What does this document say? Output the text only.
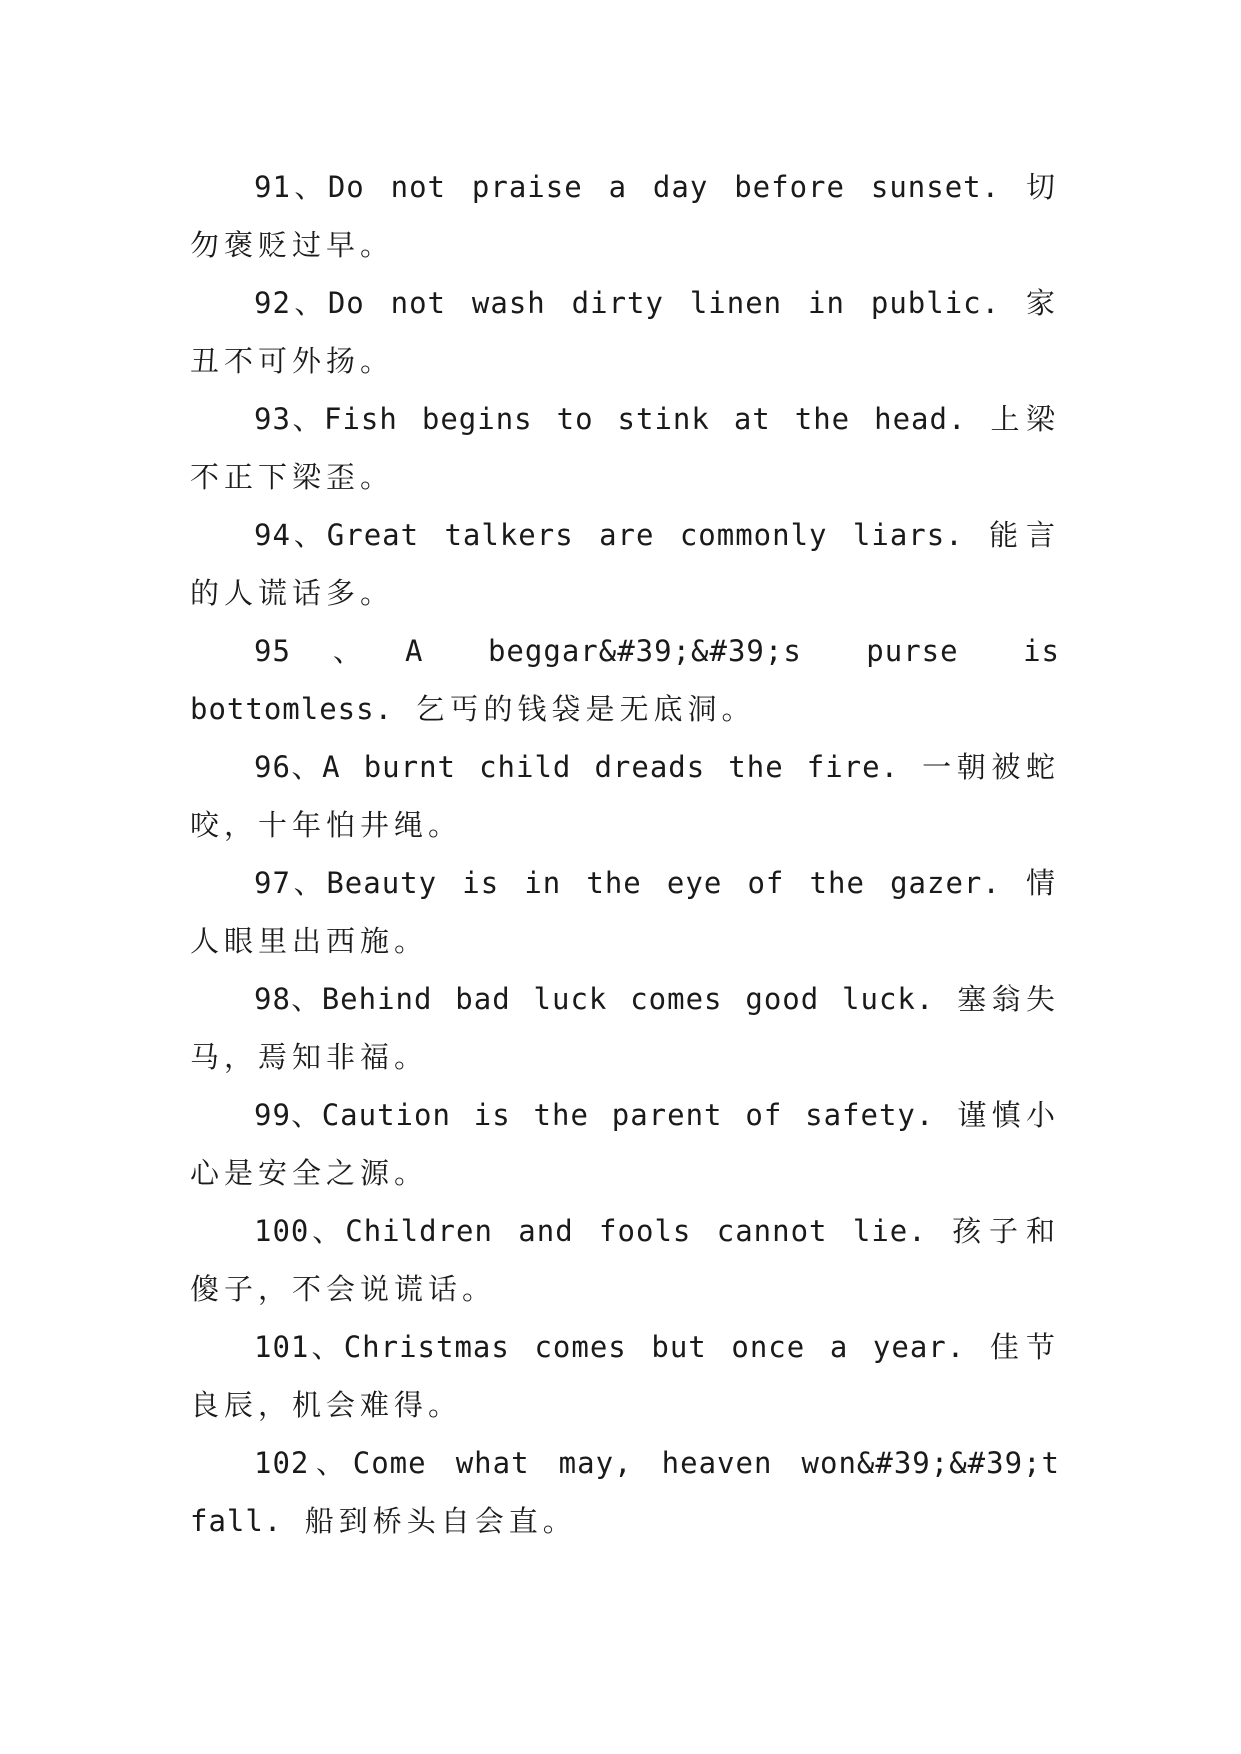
91、Do not praise a day before sunset. 切勿褒贬过早。

92、Do not wash dirty linen in public. 家丑不可外扬。

93、Fish begins to stink at the head. 上梁不正下梁歪。

94、Great talkers are commonly liars. 能言的人谎话多。

95、A beggar&#39;&#39;s purse is bottomless. 乞丐的钱袋是无底洞。

96、A burnt child dreads the fire. 一朝被蛇咬，十年怕井绳。

97、Beauty is in the eye of the gazer. 情人眼里出西施。

98、Behind bad luck comes good luck. 塞翁失马，焉知非福。

99、Caution is the parent of safety. 谨慎小心是安全之源。

100、Children and fools cannot lie. 孩子和傻子，不会说谎话。

101、Christmas comes but once a year. 佳节良辰，机会难得。

102、Come what may, heaven won&#39;&#39;t fall. 船到桥头自会直。
